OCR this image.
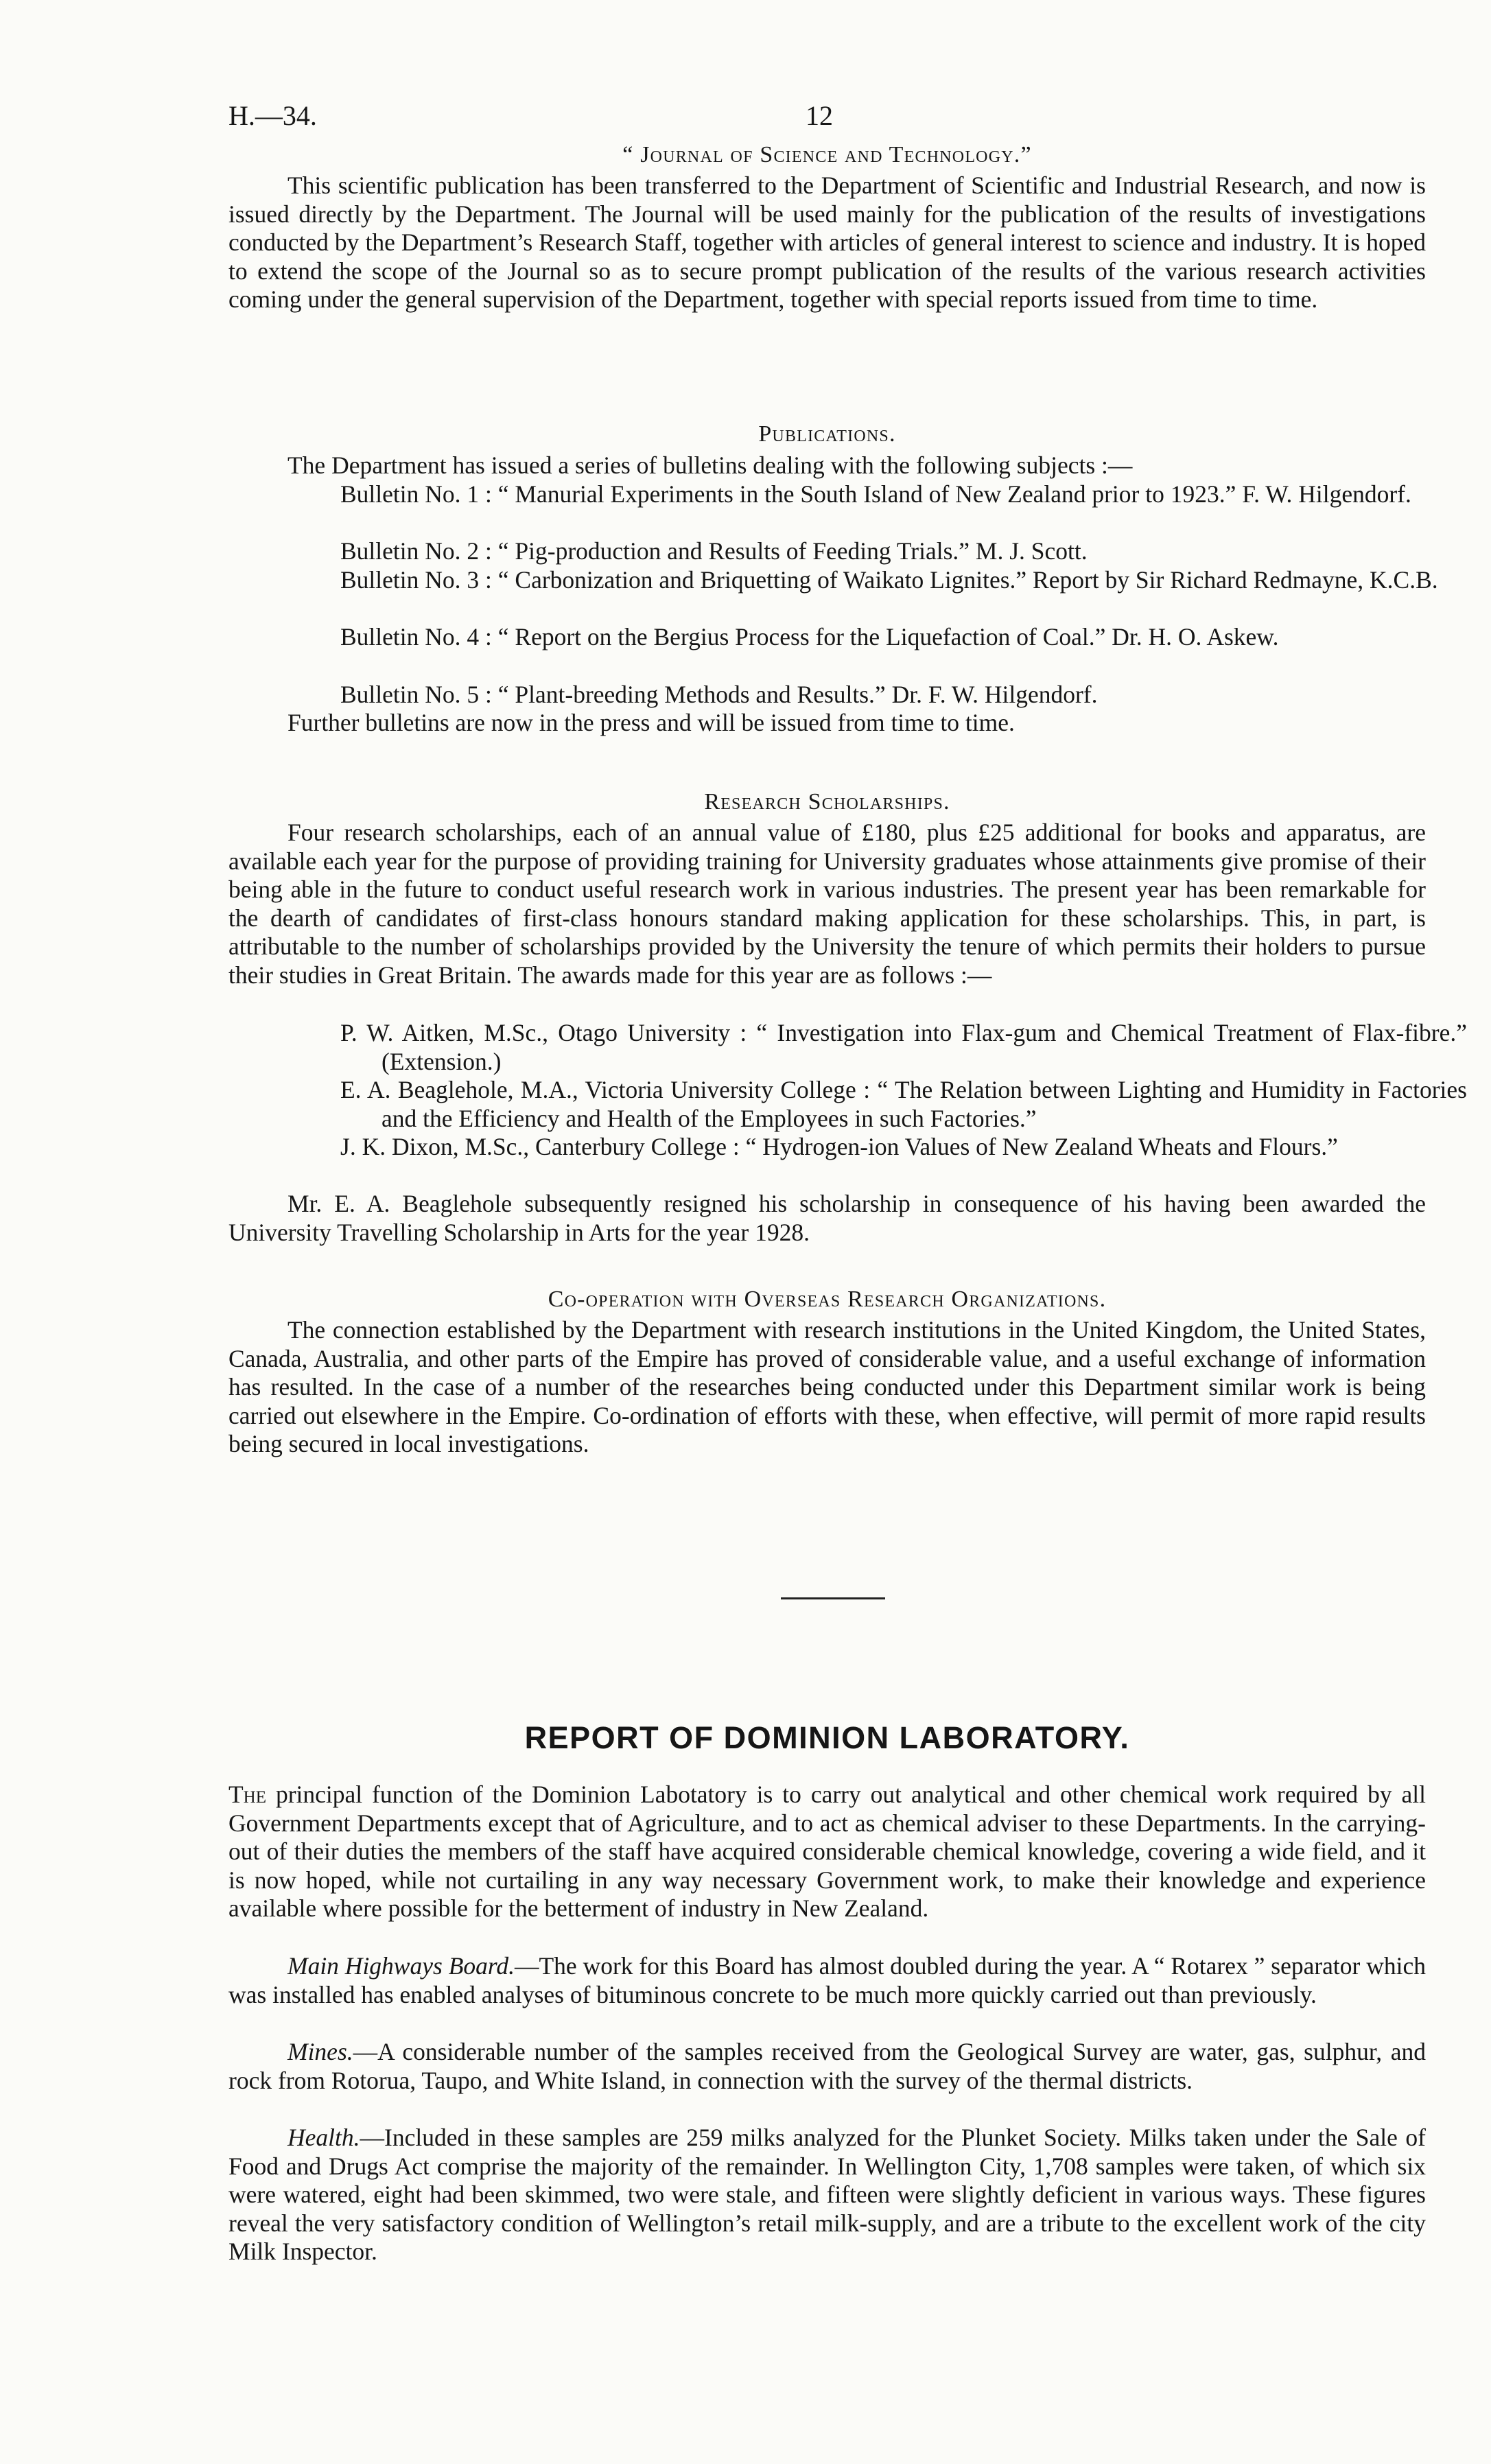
H.—34.	12
“ Journal of Science and Technology.”

This scientific publication has been transferred to the Department of Scientific and Industrial Research, and now is issued directly by the Department. The Journal will be used mainly for the publication of the results of investigations conducted by the Department’s Research Staff, together with articles of general interest to science and industry. It is hoped to extend the scope of the Journal so as to secure prompt publication of the results of the various research activities coming under the general supervision of the Department, together with special reports issued from time to time.

Publications.

The Department has issued a series of bulletins dealing with the following subjects :—

Bulletin No. 1 : “ Manurial Experiments in the South Island of New Zealand prior to 1923.” F. W. Hilgendorf.

Bulletin No. 2 : “ Pig-production and Results of Feeding Trials.” M. J. Scott.

Bulletin No. 3 : “ Carbonization and Briquetting of Waikato Lignites.” Report by Sir Richard Redmayne, K.C.B.

Bulletin No. 4 : “ Report on the Bergius Process for the Liquefaction of Coal.” Dr. H. O. Askew.

Bulletin No. 5 : “ Plant-breeding Methods and Results.” Dr. F. W. Hilgendorf.

Further bulletins are now in the press and will be issued from time to time.

Research Scholarships.

Four research scholarships, each of an annual value of £180, plus £25 additional for books and apparatus, are available each year for the purpose of providing training for University graduates whose attainments give promise of their being able in the future to conduct useful research work in various industries. The present year has been remarkable for the dearth of candidates of first-class honours standard making application for these scholarships. This, in part, is attributable to the number of scholarships provided by the University the tenure of which permits their holders to pursue their studies in Great Britain. The awards made for this year are as follows :—

P. W. Aitken, M.Sc., Otago University : “ Investigation into Flax-gum and Chemical Treatment of Flax-fibre.” (Extension.)

E. A. Beaglehole, M.A., Victoria University College : “ The Relation between Lighting and Humidity in Factories and the Efficiency and Health of the Employees in such Factories.”

J. K. Dixon, M.Sc., Canterbury College : “ Hydrogen-ion Values of New Zealand Wheats and Flours.”

Mr. E. A. Beaglehole subsequently resigned his scholarship in consequence of his having been awarded the University Travelling Scholarship in Arts for the year 1928.

Co-operation with Overseas Research Organizations.

The connection established by the Department with research institutions in the United Kingdom, the United States, Canada, Australia, and other parts of the Empire has proved of considerable value, and a useful exchange of information has resulted. In the case of a number of the researches being conducted under this Department similar work is being carried out elsewhere in the Empire. Co-ordination of efforts with these, when effective, will permit of more rapid results being secured in local investigations.

REPORT OF DOMINION LABORATORY.

The principal function of the Dominion Labotatory is to carry out analytical and other chemical work required by all Government Departments except that of Agriculture, and to act as chemical adviser to these Departments. In the carrying-out of their duties the members of the staff have acquired considerable chemical knowledge, covering a wide field, and it is now hoped, while not curtailing in any way necessary Government work, to make their knowledge and experience available where possible for the betterment of industry in New Zealand.

Main Highways Board.—The work for this Board has almost doubled during the year. A “ Rotarex ” separator which was installed has enabled analyses of bituminous concrete to be much more quickly carried out than previously.

Mines.—A considerable number of the samples received from the Geological Survey are water, gas, sulphur, and rock from Rotorua, Taupo, and White Island, in connection with the survey of the thermal districts.

Health.—Included in these samples are 259 milks analyzed for the Plunket Society. Milks taken under the Sale of Food and Drugs Act comprise the majority of the remainder. In Wellington City, 1,708 samples were taken, of which six were watered, eight had been skimmed, two were stale, and fifteen were slightly deficient in various ways. These figures reveal the very satisfactory condition of Wellington’s retail milk-supply, and are a tribute to the excellent work of the city Milk Inspector.
